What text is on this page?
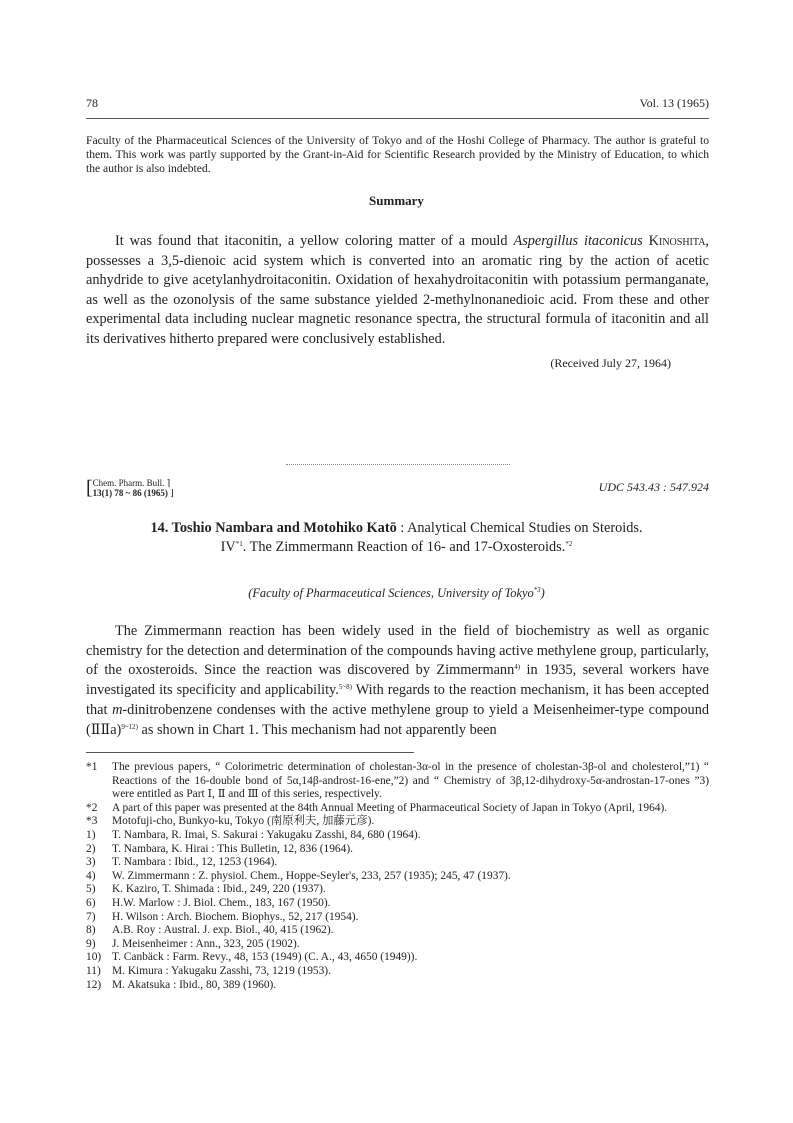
78	Vol. 13 (1965)
Faculty of the Pharmaceutical Sciences of the University of Tokyo and of the Hoshi College of Pharmacy. The author is grateful to them. This work was partly supported by the Grant-in-Aid for Scientific Research provided by the Ministry of Education, to which the author is also indebted.
Summary

It was found that itaconitin, a yellow coloring matter of a mould Aspergillus itaconicus Kinoshita, possesses a 3,5-dienoic acid system which is converted into an aromatic ring by the action of acetic anhydride to give acetylanhydroitaconitin. Oxidation of hexahydroitaconitin with potassium permanganate, as well as the ozonolysis of the same substance yielded 2-methylnonanedioic acid. From these and other experimental data including nuclear magnetic resonance spectra, the structural formula of itaconitin and all its derivatives hitherto prepared were conclusively established.

(Received July 27, 1964)
[Chem. Pharm. Bull. ⌉
13(1) 78 ~ 86 (1965) ⌋	UDC 543.43 : 547.924
14. Toshio Nambara and Motohiko Katō : Analytical Chemical Studies on Steroids. IV$^{*1}$. The Zimmermann Reaction of 16- and 17-Oxosteroids.$^{*2}$
(Faculty of Pharmaceutical Sciences, University of Tokyo$^{*3}$)

The Zimmermann reaction has been widely used in the field of biochemistry as well as organic chemistry for the detection and determination of the compounds having active methylene group, particularly, of the oxosteroids. Since the reaction was discovered by Zimmermann$^{4)}$ in 1935, several workers have investigated its specificity and applicability.$^{5\sim 8)}$ With regards to the reaction mechanism, it has been accepted that m-dinitrobenzene condenses with the active methylene group to yield a Meisenheimer-type compound (ⅡⅡa)$^{9\sim 12)}$ as shown in Chart 1. This mechanism had not apparently been

*1	The previous papers, “ Colorimetric determination of cholestan-3α-ol in the presence of cholestan-3β-ol and cholesterol,”1) “ Reactions of the 16-double bond of 5α,14β-androst-16-ene,”2) and “ Chemistry of 3β,12-dihydroxy-5α-androstan-17-ones ”3) were entitled as Part Ⅰ, Ⅱ and Ⅲ of this series, respectively.
*2	A part of this paper was presented at the 84th Annual Meeting of Pharmaceutical Society of Japan in Tokyo (April, 1964).
*3	Motofuji-cho, Bunkyo-ku, Tokyo (南原利夫, 加藤元彦).
1)	T. Nambara, R. Imai, S. Sakurai : Yakugaku Zasshi, 84, 680 (1964).
2)	T. Nambara, K. Hirai : This Bulletin, 12, 836 (1964).
3)	T. Nambara : Ibid., 12, 1253 (1964).
4)	W. Zimmermann : Z. physiol. Chem., Hoppe-Seyler's, 233, 257 (1935); 245, 47 (1937).
5)	K. Kaziro, T. Shimada : Ibid., 249, 220 (1937).
6)	H.W. Marlow : J. Biol. Chem., 183, 167 (1950).
7)	H. Wilson : Arch. Biochem. Biophys., 52, 217 (1954).
8)	A.B. Roy : Austral. J. exp. Biol., 40, 415 (1962).
9)	J. Meisenheimer : Ann., 323, 205 (1902).
10) T. Canbäck : Farm. Revy., 48, 153 (1949) (C. A., 43, 4650 (1949)).
11) M. Kimura : Yakugaku Zasshi, 73, 1219 (1953).
12) M. Akatsuka : Ibid., 80, 389 (1960).
